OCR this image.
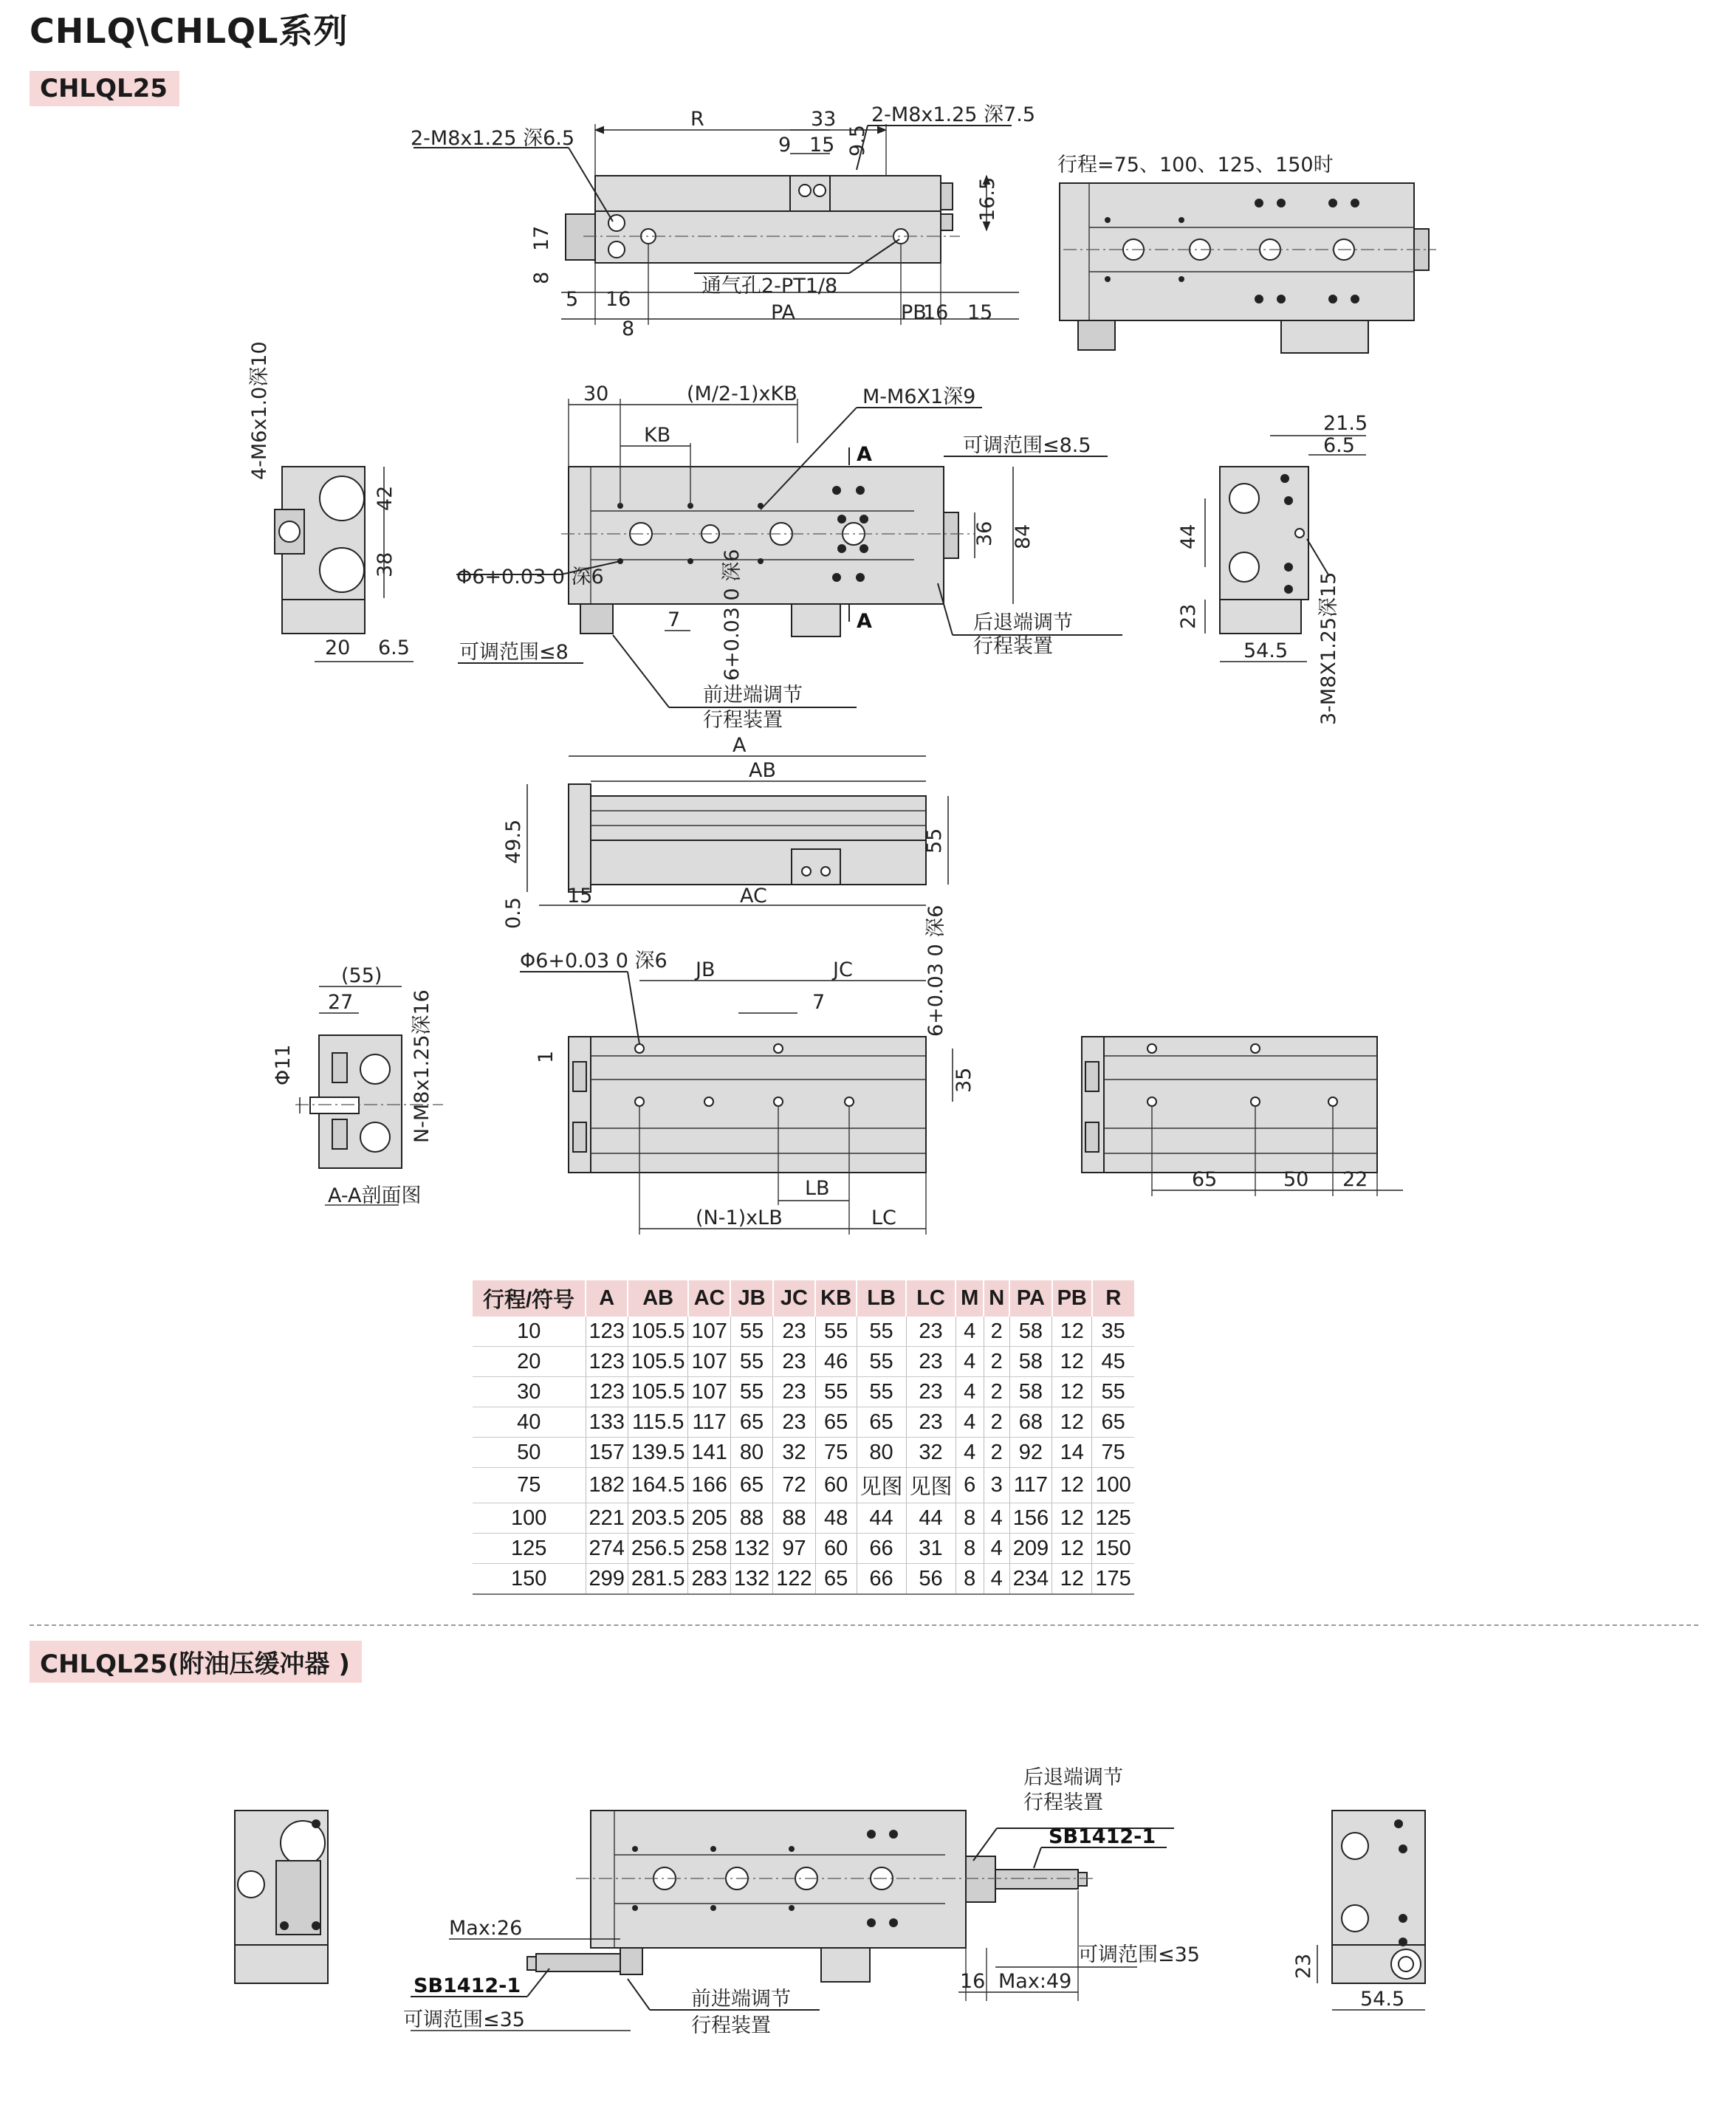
CHLQ\CHLQL系列
CHLQL25
CHLQL25(附油压缓冲器 )
R	33
9 15 9.5
2-M8x1.25 深7.5
2-M8x1.25 深6.5
16.5
17
8
5 16
8
PA	PB
16 15
通气孔2-PT1/8
行程=75、100、125、150时
4-M6x1.0深10
42
38
20 6.5
30	(M/2-1)xKB
KB
M-M6X1深9
A
A
可调范围≤8.5
36 84
Φ6+0.03 0 深6
7 6+0.03 0 深6
可调范围≤8
后退端调节
行程装置
前进端调节
行程装置
21.5
6.5
44
23
54.5 3-M8X1.25深15
A
AB
49.5	55
0.5
15	AC
(55)
27
Φ11	N-M8x1.25深16
A-A剖面图
JB	JC
Φ6+0.03 0 深6
7
1
6+0.03 0 深6
35
LB
(N-1)xLB	LC
65	50 22
后退端调节
行程装置
SB1412-1
可调范围≤35
Max:26
SB1412-1
可调范围≤35
前进端调节
行程装置
16 Max:49
23
54.5
行程/符号	A	AB	AC	JB	JC	KB	LB	LC	M	N	PA	PB	R
10	123	105.5	107	55	23	55	55	23	4	2	58	12	35
20	123	105.5	107	55	23	46	55	23	4	2	58	12	45
30	123	105.5	107	55	23	55	55	23	4	2	58	12	55
40	133	115.5	117	65	23	65	65	23	4	2	68	12	65
50	157	139.5	141	80	32	75	80	32	4	2	92	14	75
75	182	164.5	166	65	72	60	见图	见图	6	3	117	12	100
100	221	203.5	205	88	88	48	44	44	8	4	156	12	125
125	274	256.5	258	132	97	60	66	31	8	4	209	12	150
150	299	281.5	283	132	122	65	66	56	8	4	234	12	175
